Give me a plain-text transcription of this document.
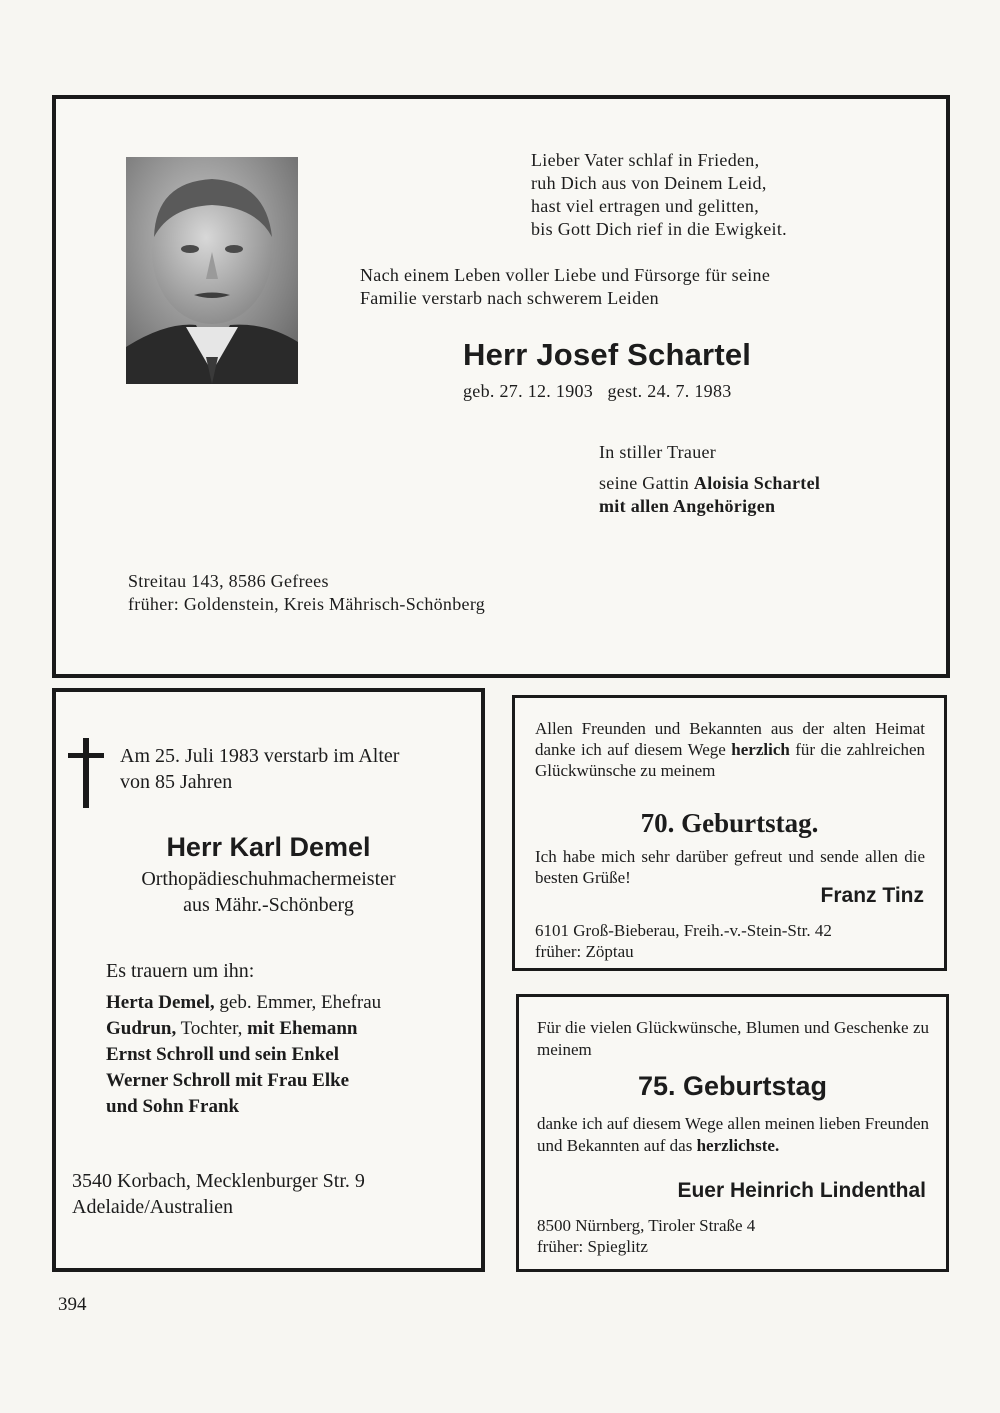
Lieber Vater schlaf in Frieden,
ruh Dich aus von Deinem Leid,
hast viel ertragen und gelitten,
bis Gott Dich rief in die Ewigkeit.
Nach einem Leben voller Liebe und Fürsorge für seine
Familie verstarb nach schwerem Leiden
Herr Josef Schartel
geb. 27. 12. 1903   gest. 24. 7. 1983
In stiller Trauer
seine Gattin Aloisia Schartel
mit allen Angehörigen
Streitau 143, 8586 Gefrees
früher: Goldenstein, Kreis Mährisch-Schönberg
Am 25. Juli 1983 verstarb im Alter
von 85 Jahren
Herr Karl Demel
Orthopädieschuhmachermeister
aus Mähr.-Schönberg
Es trauern um ihn:
Herta Demel, geb. Emmer, Ehefrau
Gudrun, Tochter, mit Ehemann
Ernst Schroll und sein Enkel
Werner Schroll mit Frau Elke
und Sohn Frank
3540 Korbach, Mecklenburger Str. 9
Adelaide/Australien
Allen Freunden und Bekannten aus der alten Heimat danke ich auf diesem Wege herzlich für die zahlreichen Glückwünsche zu meinem
70. Geburtstag.
Ich habe mich sehr darüber gefreut und sende allen die besten Grüße!
Franz Tinz
6101 Groß-Bieberau, Freih.-v.-Stein-Str. 42
früher: Zöptau
Für die vielen Glückwünsche, Blumen und Geschenke zu meinem
75. Geburtstag
danke ich auf diesem Wege allen meinen lieben Freunden und Bekannten auf das herzlichste.
Euer Heinrich Lindenthal
8500 Nürnberg, Tiroler Straße 4
früher: Spieglitz
394
